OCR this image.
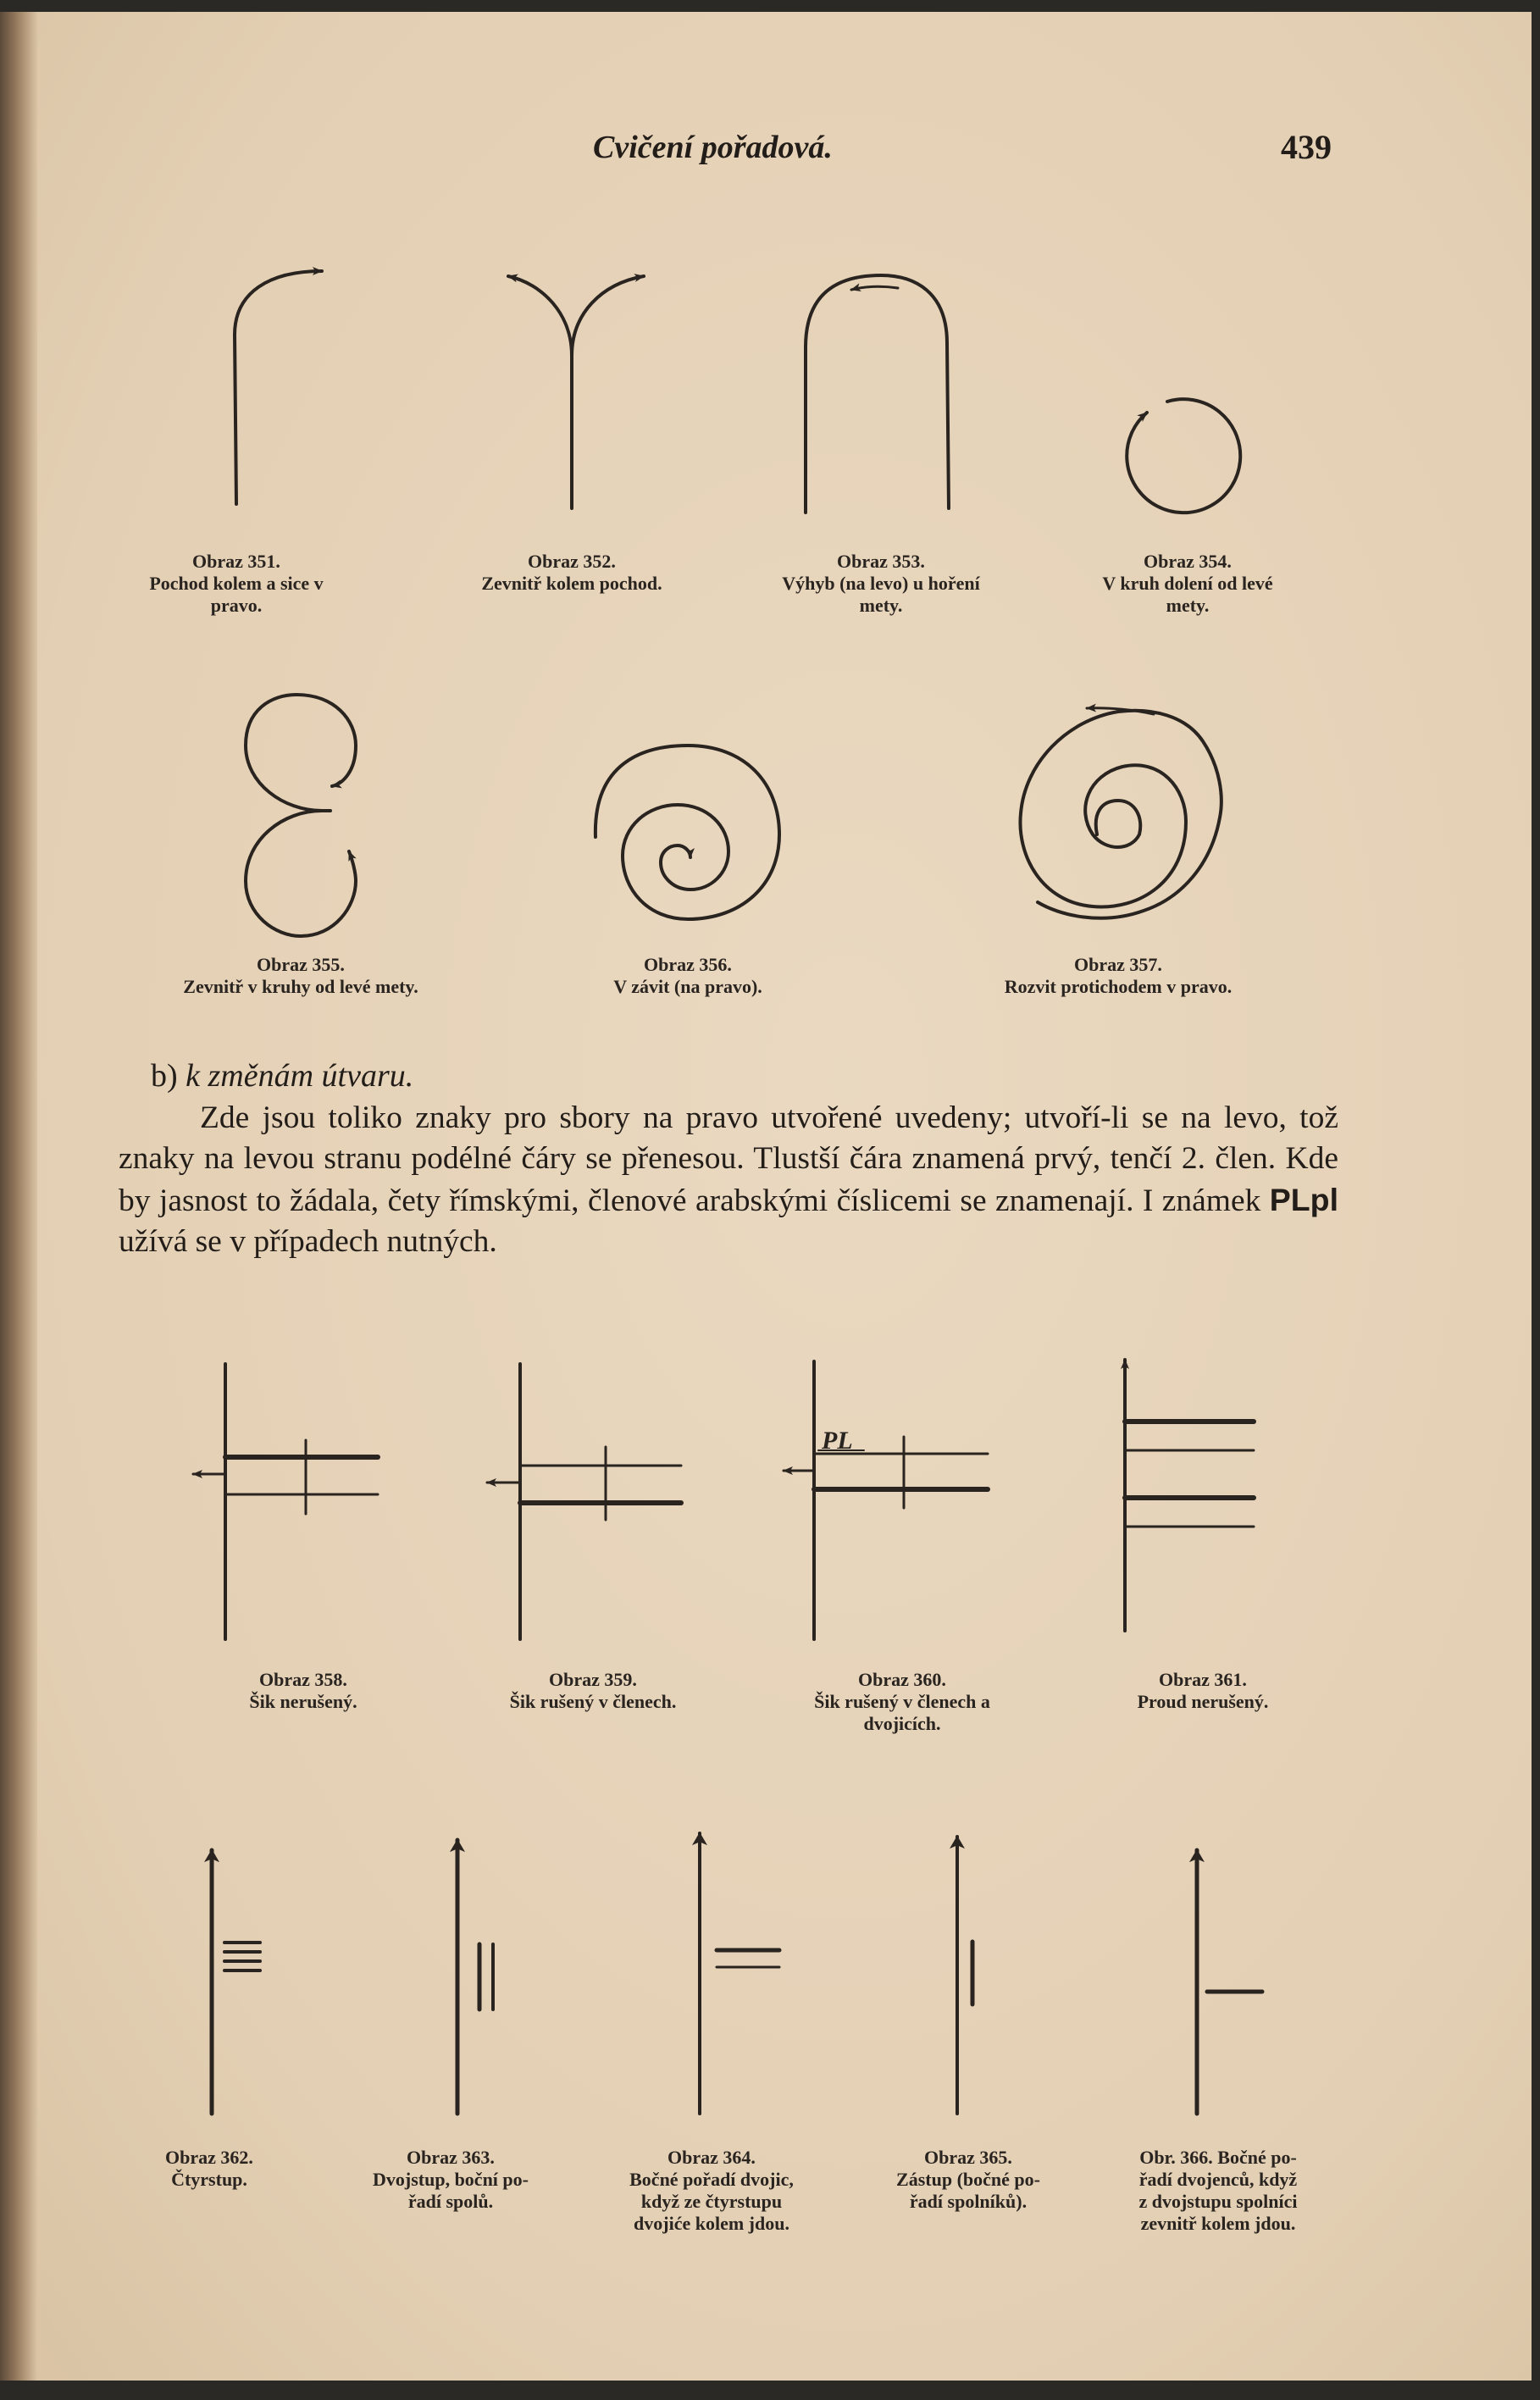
Cvičení pořadová.	439
Obraz 351.
Pochod kolem a sice v
pravo.
Obraz 352.
Zevnitř kolem pochod.
Obraz 353.
Výhyb (na levo) u hoření
mety.
Obraz 354.
V kruh dolení od levé
mety.
Obraz 355.
Zevnitř v kruhy od levé mety.
Obraz 356.
V závit (na pravo).
Obraz 357.
Rozvit protichodem v pravo.
Obraz 358.
Šik nerušený.
Obraz 359.
Šik rušený v členech.
PL
Obraz 360.
Šik rušený v členech a
dvojicích.
Obraz 361.
Proud nerušený.
Obraz 362.
Čtyrstup.
Obraz 363.
Dvojstup, boční po-
řadí spolů.
Obraz 364.
Bočné pořadí dvojic,
když ze čtyrstupu
dvojiće kolem jdou.
Obraz 365.
Zástup (bočné po-
řadí spolníků).
Obr. 366. Bočné po-
řadí dvojenců, když
z dvojstupu spolníci
zevnitř kolem jdou.
b) k změnám útvaru.
Zde jsou toliko znaky pro sbory na pravo utvořené uvedeny; utvoří-li se na levo, tož znaky na levou stranu podélné čáry se přenesou. Tlustší čára znamená prvý, tenčí 2. člen. Kde by jasnost to žádala, čety římskými, členové arabskými číslicemi se znamenají. I známek PLpl užívá se v případech nutných.
